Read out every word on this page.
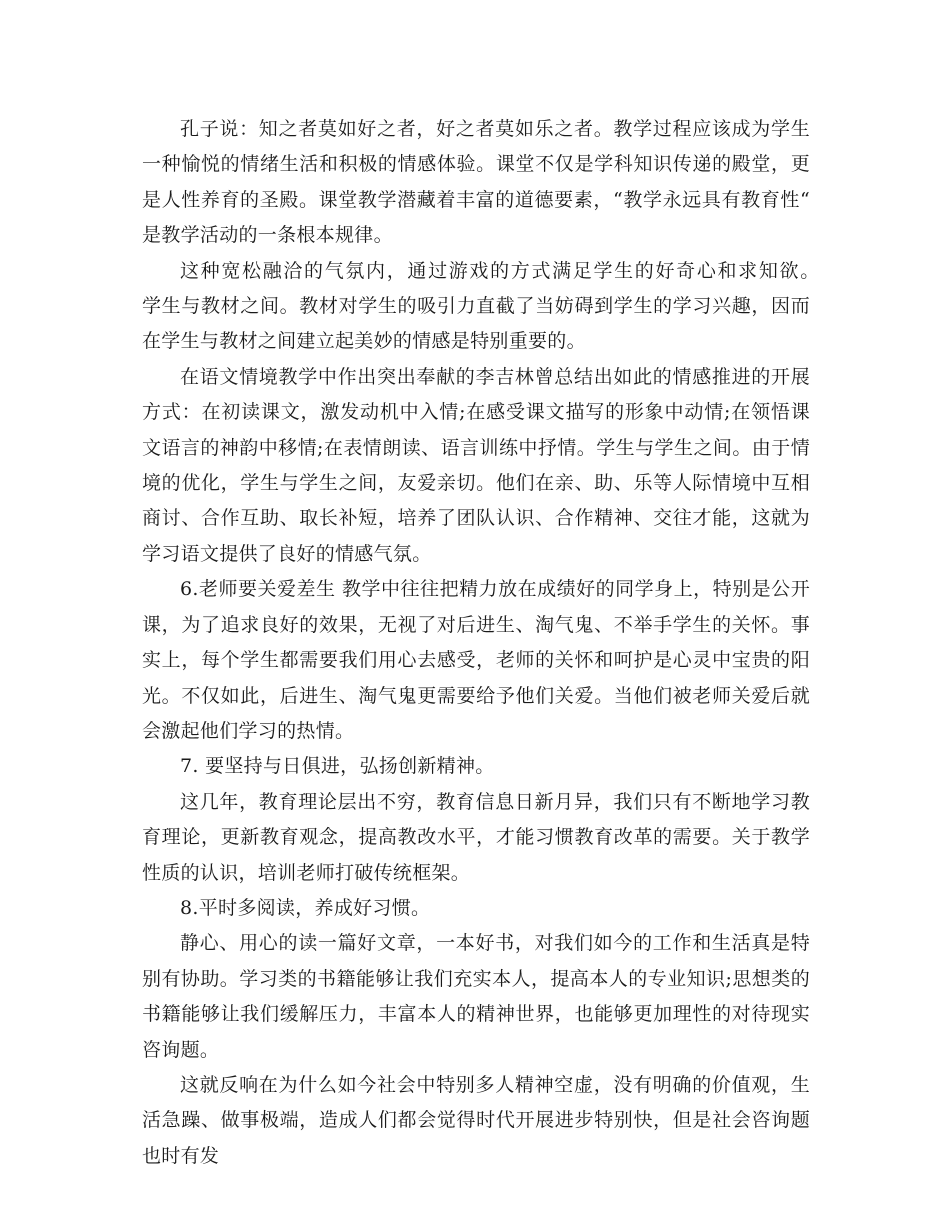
孔子说：知之者莫如好之者，好之者莫如乐之者。教学过程应该成为学生一种愉悦的情绪生活和积极的情感体验。课堂不仅是学科知识传递的殿堂，更是人性养育的圣殿。课堂教学潜藏着丰富的道德要素，“教学永远具有教育性“是教学活动的一条根本规律。

这种宽松融洽的气氛内，通过游戏的方式满足学生的好奇心和求知欲。　　学生与教材之间。教材对学生的吸引力直截了当妨碍到学生的学习兴趣，因而在学生与教材之间建立起美妙的情感是特别重要的。

在语文情境教学中作出突出奉献的李吉林曾总结出如此的情感推进的开展方式：在初读课文，激发动机中入情;在感受课文描写的形象中动情;在领悟课文语言的神韵中移情;在表情朗读、语言训练中抒情。学生与学生之间。由于情境的优化，学生与学生之间，友爱亲切。他们在亲、助、乐等人际情境中互相商讨、合作互助、取长补短，培养了团队认识、合作精神、交往才能，这就为学习语文提供了良好的情感气氛。

6.老师要关爱差生 教学中往往把精力放在成绩好的同学身上，特别是公开课，为了追求良好的效果，无视了对后进生、淘气鬼、不举手学生的关怀。事实上，每个学生都需要我们用心去感受，老师的关怀和呵护是心灵中宝贵的阳光。不仅如此，后进生、淘气鬼更需要给予他们关爱。当他们被老师关爱后就会激起他们学习的热情。

7. 要坚持与日俱进，弘扬创新精神。

这几年，教育理论层出不穷，教育信息日新月异，我们只有不断地学习教育理论，更新教育观念，提高教改水平，才能习惯教育改革的需要。关于教学性质的认识，培训老师打破传统框架。

8.平时多阅读，养成好习惯。

静心、用心的读一篇好文章，一本好书，对我们如今的工作和生活真是特别有协助。学习类的书籍能够让我们充实本人，提高本人的专业知识;思想类的书籍能够让我们缓解压力，丰富本人的精神世界，也能够更加理性的对待现实咨询题。

这就反响在为什么如今社会中特别多人精神空虚，没有明确的价值观，生活急躁、做事极端，造成人们都会觉得时代开展进步特别快，但是社会咨询题也时有发
